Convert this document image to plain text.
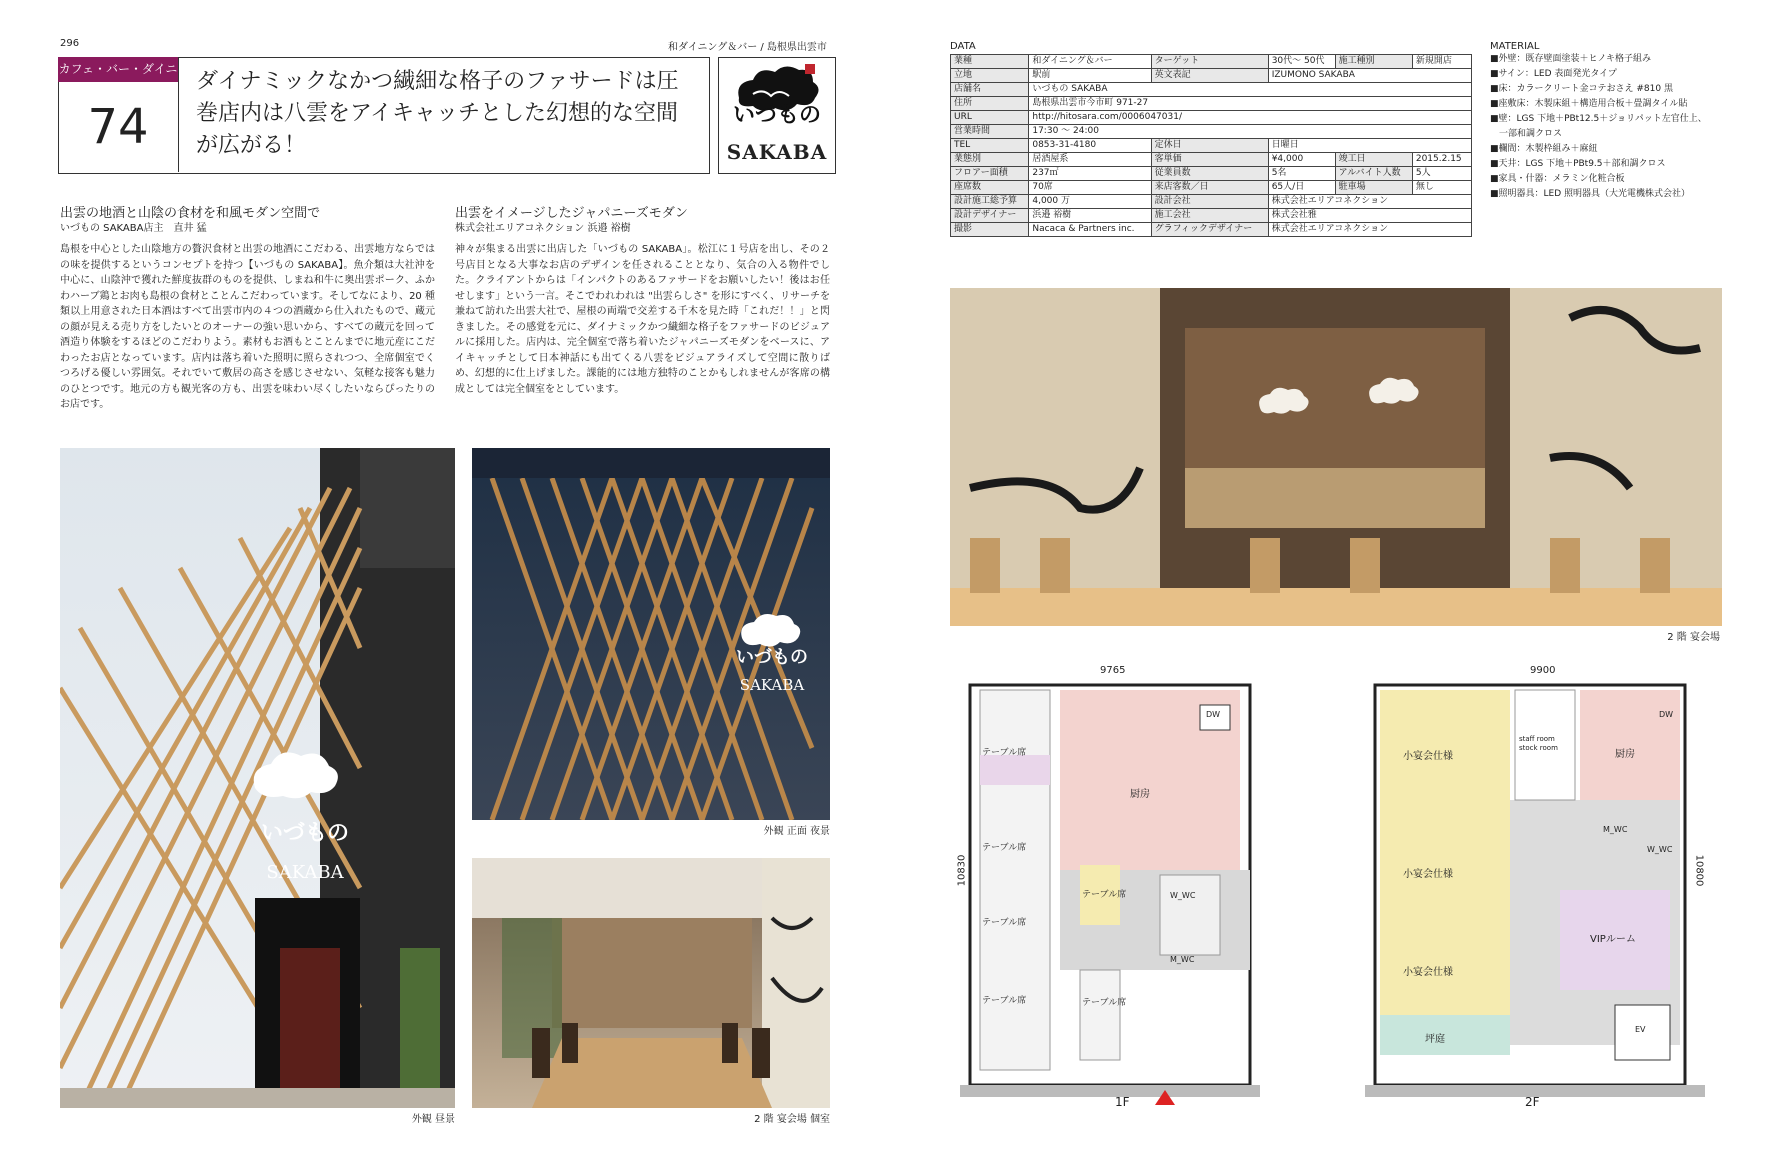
296	和ダイニング＆バー / 島根県出雲市
カフェ・バー・ダイニング
74
ダイナミックなかつ繊細な格子のファサードは圧巻店内は八雲をアイキャッチとした幻想的な空間が広がる！
いづもの
SAKABA
出雲の地酒と山陰の食材を和風モダン空間で
いづもの SAKABA店主　直井 猛
島根を中心とした山陰地方の贅沢食材と出雲の地酒にこだわる、出雲地方ならではの味を提供するというコンセプトを持つ【いづもの SAKABA】。魚介類は大社沖を中心に、山陰沖で獲れた鮮度抜群のものを提供、しまね和牛に奥出雲ポーク、ふかわハーブ鶏とお肉も島根の食材とことんこだわっています。そしてなにより、20 種類以上用意された日本酒はすべて出雲市内の４つの酒蔵から仕入れたもので、蔵元の顔が見える売り方をしたいとのオーナーの強い思いから、すべての蔵元を回って酒造り体験をするほどのこだわりよう。素材もお酒もとことんまでに地元産にこだわったお店となっています。店内は落ち着いた照明に照らされつつ、全席個室でくつろげる優しい雰囲気。それでいて敷居の高さを感じさせない、気軽な接客も魅力のひとつです。地元の方も観光客の方も、出雲を味わい尽くしたいならぴったりのお店です。
出雲をイメージしたジャパニーズモダン
株式会社エリアコネクション 浜邉 裕樹
神々が集まる出雲に出店した「いづもの SAKABA」。松江に１号店を出し、その２号店目となる大事なお店のデザインを任されることとなり、気合の入る物件でした。クライアントからは「インパクトのあるファサードをお願いしたい！後はお任せします」という一言。そこでわれわれは "出雲らしさ" を形にすべく、リサーチを兼ねて訪れた出雲大社で、屋根の両端で交差する千木を見た時「これだ！！」と閃きました。その感覚を元に、ダイナミックかつ繊細な格子をファサードのビジュアルに採用した。店内は、完全個室で落ち着いたジャパニーズモダンをベースに、アイキャッチとして日本神話にも出てくる八雲をビジュアライズして空間に散りばめ、幻想的に仕上げました。課能的には地方独特のことかもしれませんが客席の構成としては完全個室をとしています。
いづもの
SAKABA
外観 昼景
いづもの
SAKABA
外観 正面 夜景
2 階 宴会場 個室
DATA
業種	和ダイニング＆バー	ターゲット	30代～ 50代	施工種別	新規開店
立地	駅前	英文表記	IZUMONO SAKABA		
店舗名	いづもの SAKABA				
住所	島根県出雲市今市町 971-27				
URL	http://hitosara.com/0006047031/				
営業時間	17:30 ～ 24:00				
TEL	0853-31-4180	定休日	日曜日		
業態別	居酒屋系	客単価	¥4,000	竣工日	2015.2.15
フロアー面積	237㎡	従業員数	5名	アルバイト人数	5人
座席数	70席	来店客数／日	65人/日	駐車場	無し
設計施工総予算	4,000 万	設計会社	株式会社エリアコネクション		
設計デザイナー	浜邉 裕樹	施工会社	株式会社雅		
撮影	Nacaca & Partners inc.	グラフィックデザイナー	株式会社エリアコネクション		
MATERIAL
■外壁：既存壁面塗装＋ヒノキ格子組み
■サイン：LED 表面発光タイプ
■床：カラークリート金コテおさえ #810 黒
■座敷床：木製床組＋構造用合板＋畳調タイル貼
■壁：LGS 下地＋PBt12.5＋ジョリパット左官仕上、
　一部和調クロス
■欄間：木製枠組み＋麻紐
■天井：LGS 下地＋PBt9.5＋部和調クロス
■家具・什器：メラミン化粧合板
■照明器具：LED 照明器具（大光電機株式会社）
2 階 宴会場
9765
10830
テーブル席
テーブル席
テーブル席
テーブル席
テーブル席
テーブル席
厨房
W_WC
M_WC
DW
1F
9900
10800
小宴会仕様
小宴会仕様
小宴会仕様
厨房
VIPルーム
坪庭
EV
staff room stock room
M_WC
W_WC
DW
2F
